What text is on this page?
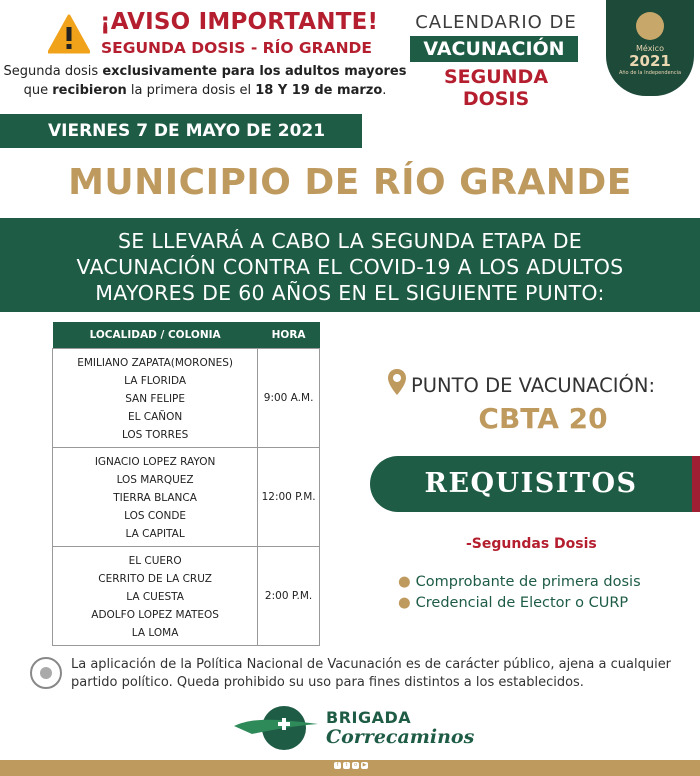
¡AVISO IMPORTANTE!
SEGUNDA DOSIS - RÍO GRANDE
Segunda dosis exclusivamente para los adultos mayores
que recibieron la primera dosis el 18 Y 19 de marzo.
CALENDARIO DE
VACUNACIÓN
SEGUNDA DOSIS
México
2021
Año de la Independencia
VIERNES 7 DE MAYO DE 2021
MUNICIPIO DE RÍO GRANDE
SE LLEVARÁ A CABO LA SEGUNDA ETAPA DE
VACUNACIÓN CONTRA EL COVID-19 A LOS ADULTOS
MAYORES DE 60 AÑOS EN EL SIGUIENTE PUNTO:
LOCALIDAD / COLONIA	HORA

EMILIANO ZAPATA(MORONES)
LA FLORIDA
SAN FELIPE
EL CAÑON
LOS TORRES	9:00 A.M.

IGNACIO LOPEZ RAYON
LOS MARQUEZ
TIERRA BLANCA
LOS CONDE
LA CAPITAL	12:00 P.M.

EL CUERO
CERRITO DE LA CRUZ
LA CUESTA
ADOLFO LOPEZ MATEOS
LA LOMA	2:00 P.M.
PUNTO DE VACUNACIÓN:
CBTA 20
REQUISITOS
-Segundas Dosis
● Comprobante de primera dosis
● Credencial de Elector o CURP
La aplicación de la Política Nacional de Vacunación es de carácter público, ajena a cualquier partido político. Queda prohibido su uso para fines distintos a los establecidos.
BRIGADA
Correcaminos
f	t	o	▶
